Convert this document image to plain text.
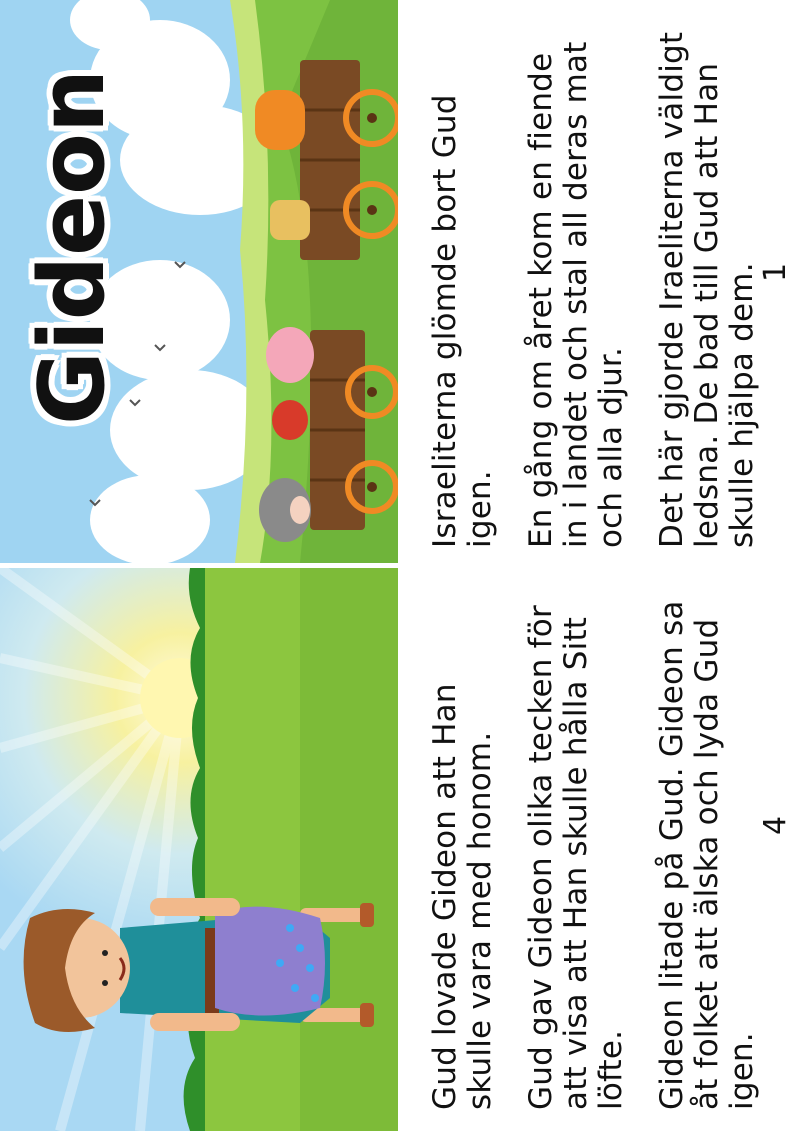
Gideon	Israeliterna glömde bort Gud igen. En gång om året kom en fiende in i landet och stal all deras mat och alla djur. Det här gjorde Iraeliterna väldigt ledsna. De bad till Gud att Han skulle hjälpa dem.

1

Gud lovade Gideon att Han skulle vara med honom. Gud gav Gideon olika tecken för att visa att Han skulle hålla Sitt löfte. Gideon litade på Gud. Gideon sa åt folket att älska och lyda Gud igen.

4
